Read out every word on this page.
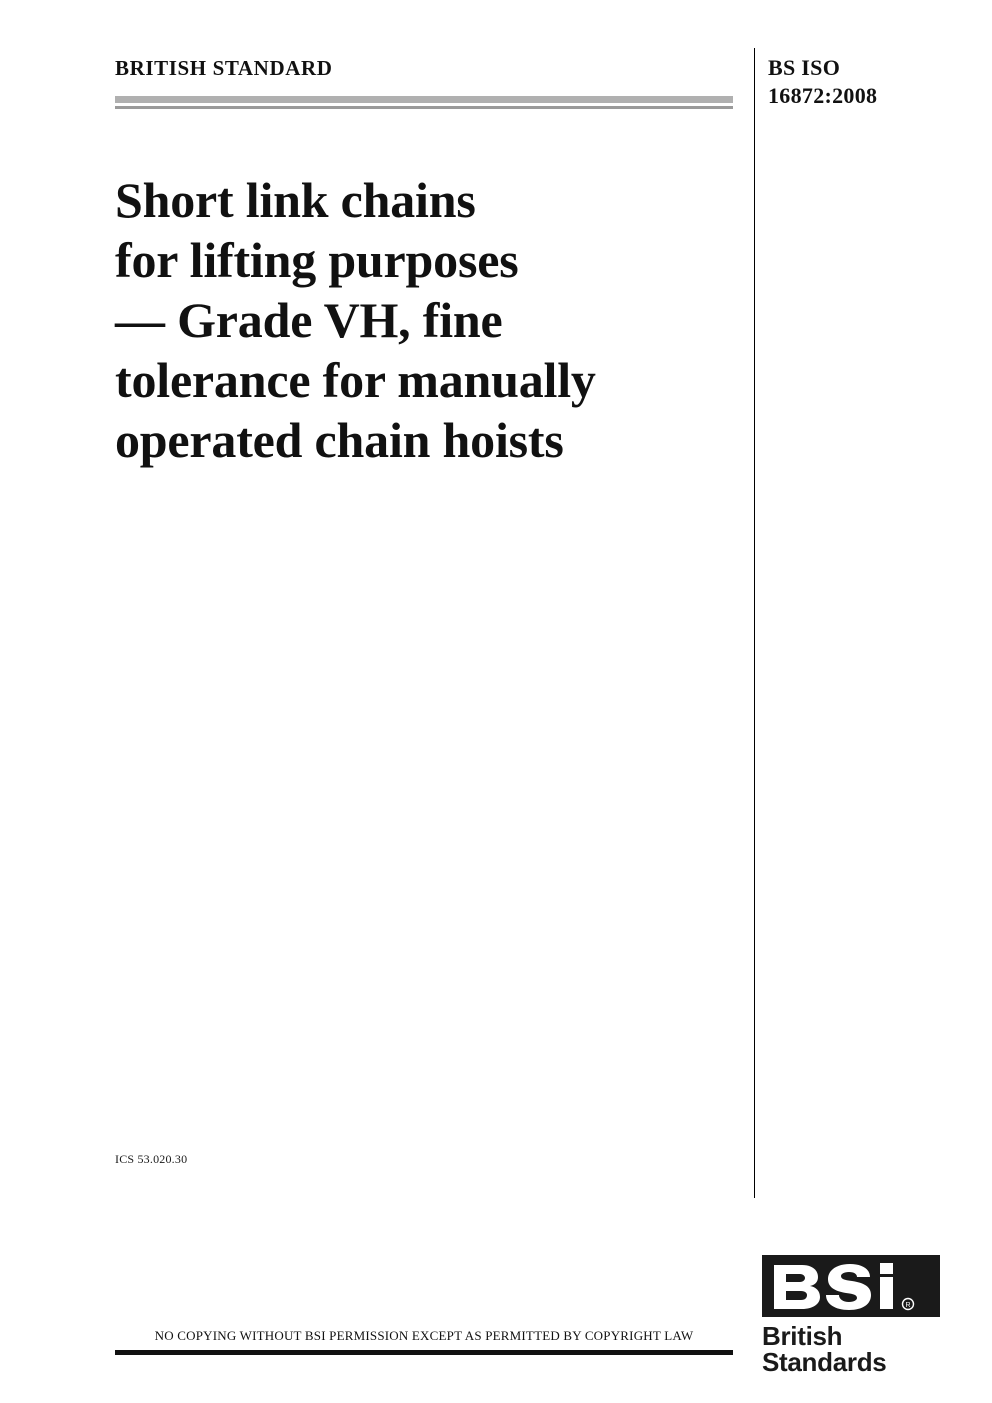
BRITISH STANDARD	BS ISO
16872:2008
Short link chains
for lifting purposes
— Grade VH, fine
tolerance for manually
operated chain hoists
ICS 53.020.30
R
British Standards
NO COPYING WITHOUT BSI PERMISSION EXCEPT AS PERMITTED BY COPYRIGHT LAW
